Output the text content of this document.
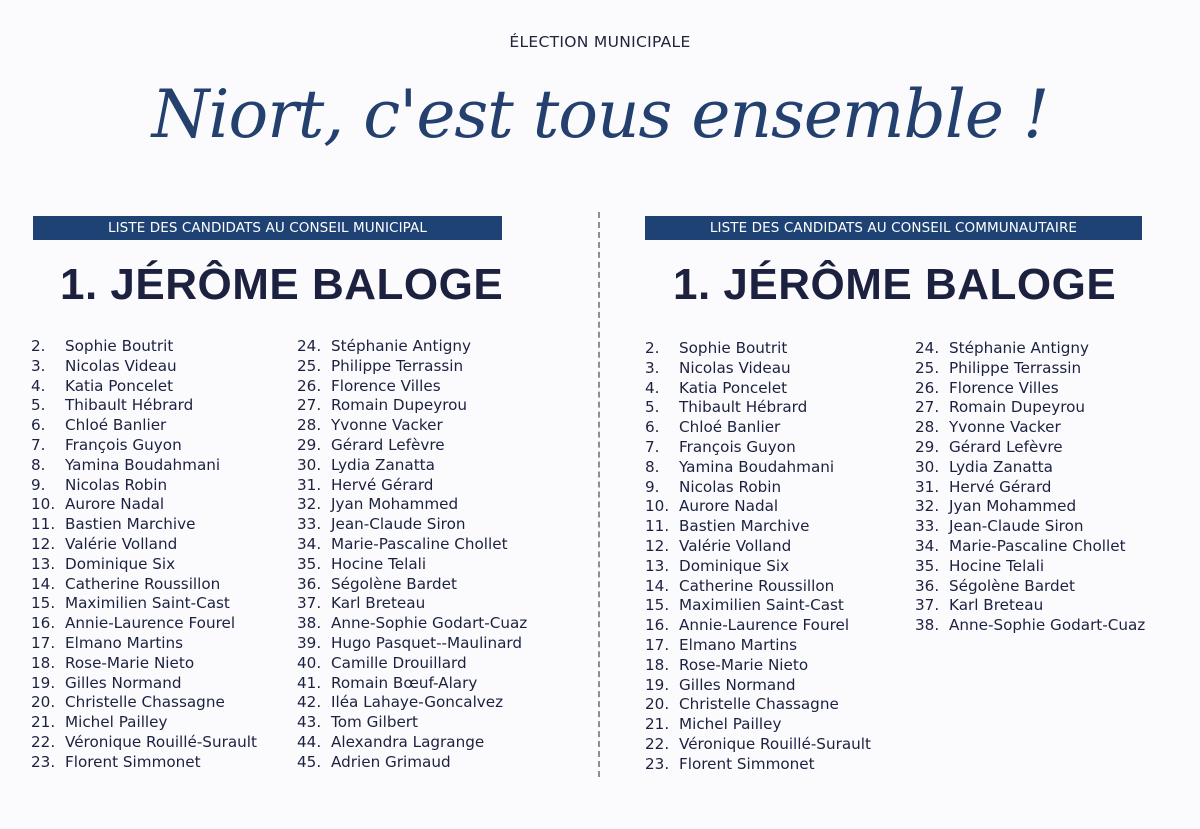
ÉLECTION MUNICIPALE
Niort, c'est tous ensemble !
LISTE DES CANDIDATS AU CONSEIL MUNICIPAL
1. JÉRÔME BALOGE
2.	Sophie Boutrit
3.	Nicolas Videau
4.	Katia Poncelet
5.	Thibault Hébrard
6.	Chloé Banlier
7.	François Guyon
8.	Yamina Boudahmani
9.	Nicolas Robin
10. Aurore Nadal
11. Bastien Marchive
12. Valérie Volland
13. Dominique Six
14. Catherine Roussillon
15. Maximilien Saint-Cast
16. Annie-Laurence Fourel
17. Elmano Martins
18. Rose-Marie Nieto
19. Gilles Normand
20. Christelle Chassagne
21. Michel Pailley
22. Véronique Rouillé-Surault
23. Florent Simmonet
24. Stéphanie Antigny
25. Philippe Terrassin
26. Florence Villes
27. Romain Dupeyrou
28. Yvonne Vacker
29. Gérard Lefèvre
30. Lydia Zanatta
31. Hervé Gérard
32. Jyan Mohammed
33. Jean-Claude Siron
34. Marie-Pascaline Chollet
35. Hocine Telali
36. Ségolène Bardet
37. Karl Breteau
38. Anne-Sophie Godart-Cuaz
39. Hugo Pasquet--Maulinard
40. Camille Drouillard
41. Romain Bœuf-Alary
42. Iléa Lahaye-Goncalvez
43. Tom Gilbert
44. Alexandra Lagrange
45. Adrien Grimaud
LISTE DES CANDIDATS AU CONSEIL COMMUNAUTAIRE
1. JÉRÔME BALOGE
2.	Sophie Boutrit
3.	Nicolas Videau
4.	Katia Poncelet
5.	Thibault Hébrard
6.	Chloé Banlier
7.	François Guyon
8.	Yamina Boudahmani
9.	Nicolas Robin
10. Aurore Nadal
11. Bastien Marchive
12. Valérie Volland
13. Dominique Six
14. Catherine Roussillon
15. Maximilien Saint-Cast
16. Annie-Laurence Fourel
17. Elmano Martins
18. Rose-Marie Nieto
19. Gilles Normand
20. Christelle Chassagne
21. Michel Pailley
22. Véronique Rouillé-Surault
23. Florent Simmonet
24. Stéphanie Antigny
25. Philippe Terrassin
26. Florence Villes
27. Romain Dupeyrou
28. Yvonne Vacker
29. Gérard Lefèvre
30. Lydia Zanatta
31. Hervé Gérard
32. Jyan Mohammed
33. Jean-Claude Siron
34. Marie-Pascaline Chollet
35. Hocine Telali
36. Ségolène Bardet
37. Karl Breteau
38. Anne-Sophie Godart-Cuaz
